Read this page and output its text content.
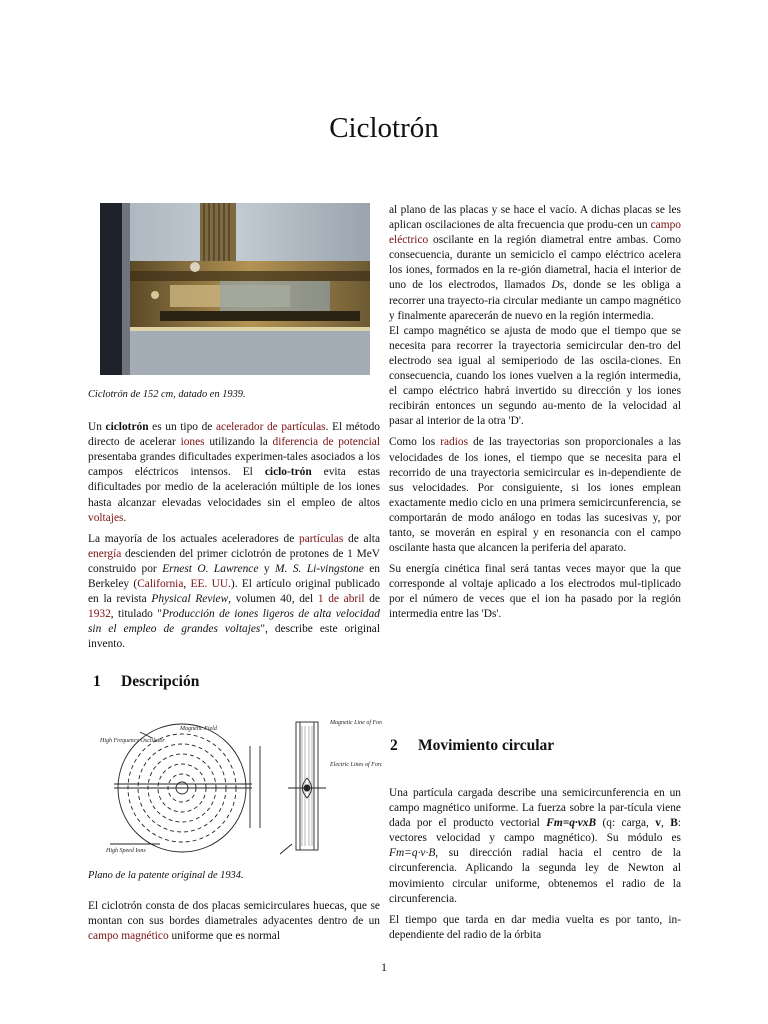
Ciclotrón

Ciclotrón de 152 cm, datado en 1939.

Un ciclotrón es un tipo de acelerador de partículas. El método directo de acelerar iones utilizando la diferencia de potencial presentaba grandes dificultades experimen-tales asociados a los campos eléctricos intensos. El ciclo-trón evita estas dificultades por medio de la aceleración múltiple de los iones hasta alcanzar elevadas velocidades sin el empleo de altos voltajes.

La mayoría de los actuales aceleradores de partículas de alta energía descienden del primer ciclotrón de protones de 1 MeV construido por Ernest O. Lawrence y M. S. Li-vingstone en Berkeley (California, EE. UU.). El artículo original publicado en la revista Physical Review, volumen 40, del 1 de abril de 1932, titulado "Producción de iones ligeros de alta velocidad sin el empleo de grandes voltajes", describe este original invento.

1 Descripción
High Frequency Oscillator
Magnetic Field
Magnetic Line of Force
Electric Lines of Force
High Speed Ions

Plano de la patente original de 1934.

El ciclotrón consta de dos placas semicirculares huecas, que se montan con sus bordes diametrales adyacentes dentro de un campo magnético uniforme que es normal

al plano de las placas y se hace el vacío. A dichas placas se les aplican oscilaciones de alta frecuencia que produ-cen un campo eléctrico oscilante en la región diametral entre ambas. Como consecuencia, durante un semiciclo el campo eléctrico acelera los iones, formados en la re-gión diametral, hacia el interior de uno de los electrodos, llamados Ds, donde se les obliga a recorrer una trayecto-ria circular mediante un campo magnético y finalmente aparecerán de nuevo en la región intermedia.

El campo magnético se ajusta de modo que el tiempo que se necesita para recorrer la trayectoria semicircular den-tro del electrodo sea igual al semiperiodo de las oscila-ciones. En consecuencia, cuando los iones vuelven a la región intermedia, el campo eléctrico habrá invertido su dirección y los iones recibirán entonces un segundo au-mento de la velocidad al pasar al interior de la otra 'D'.

Como los radios de las trayectorias son proporcionales a las velocidades de los iones, el tiempo que se necesita para el recorrido de una trayectoria semicircular es in-dependiente de sus velocidades. Por consiguiente, si los iones emplean exactamente medio ciclo en una primera semicircunferencia, se comportarán de modo análogo en todas las sucesivas y, por tanto, se moverán en espiral y en resonancia con el campo oscilante hasta que alcancen la periferia del aparato.

Su energía cinética final será tantas veces mayor que la que corresponde al voltaje aplicado a los electrodos mul-tiplicado por el número de veces que el ion ha pasado por la región intermedia entre las 'Ds'.

2 Movimiento circular

Una partícula cargada describe una semicircunferencia en un campo magnético uniforme. La fuerza sobre la par-tícula viene dada por el producto vectorial Fm=q·vxB (q: carga, v, B: vectores velocidad y campo magnético). Su módulo es Fm=q·v·B, su dirección radial hacia el centro de la circunferencia. Aplicando la segunda ley de Newton al movimiento circular uniforme, obtenemos el radio de la circunferencia.

El tiempo que tarda en dar media vuelta es por tanto, in-dependiente del radio de la órbita

1
